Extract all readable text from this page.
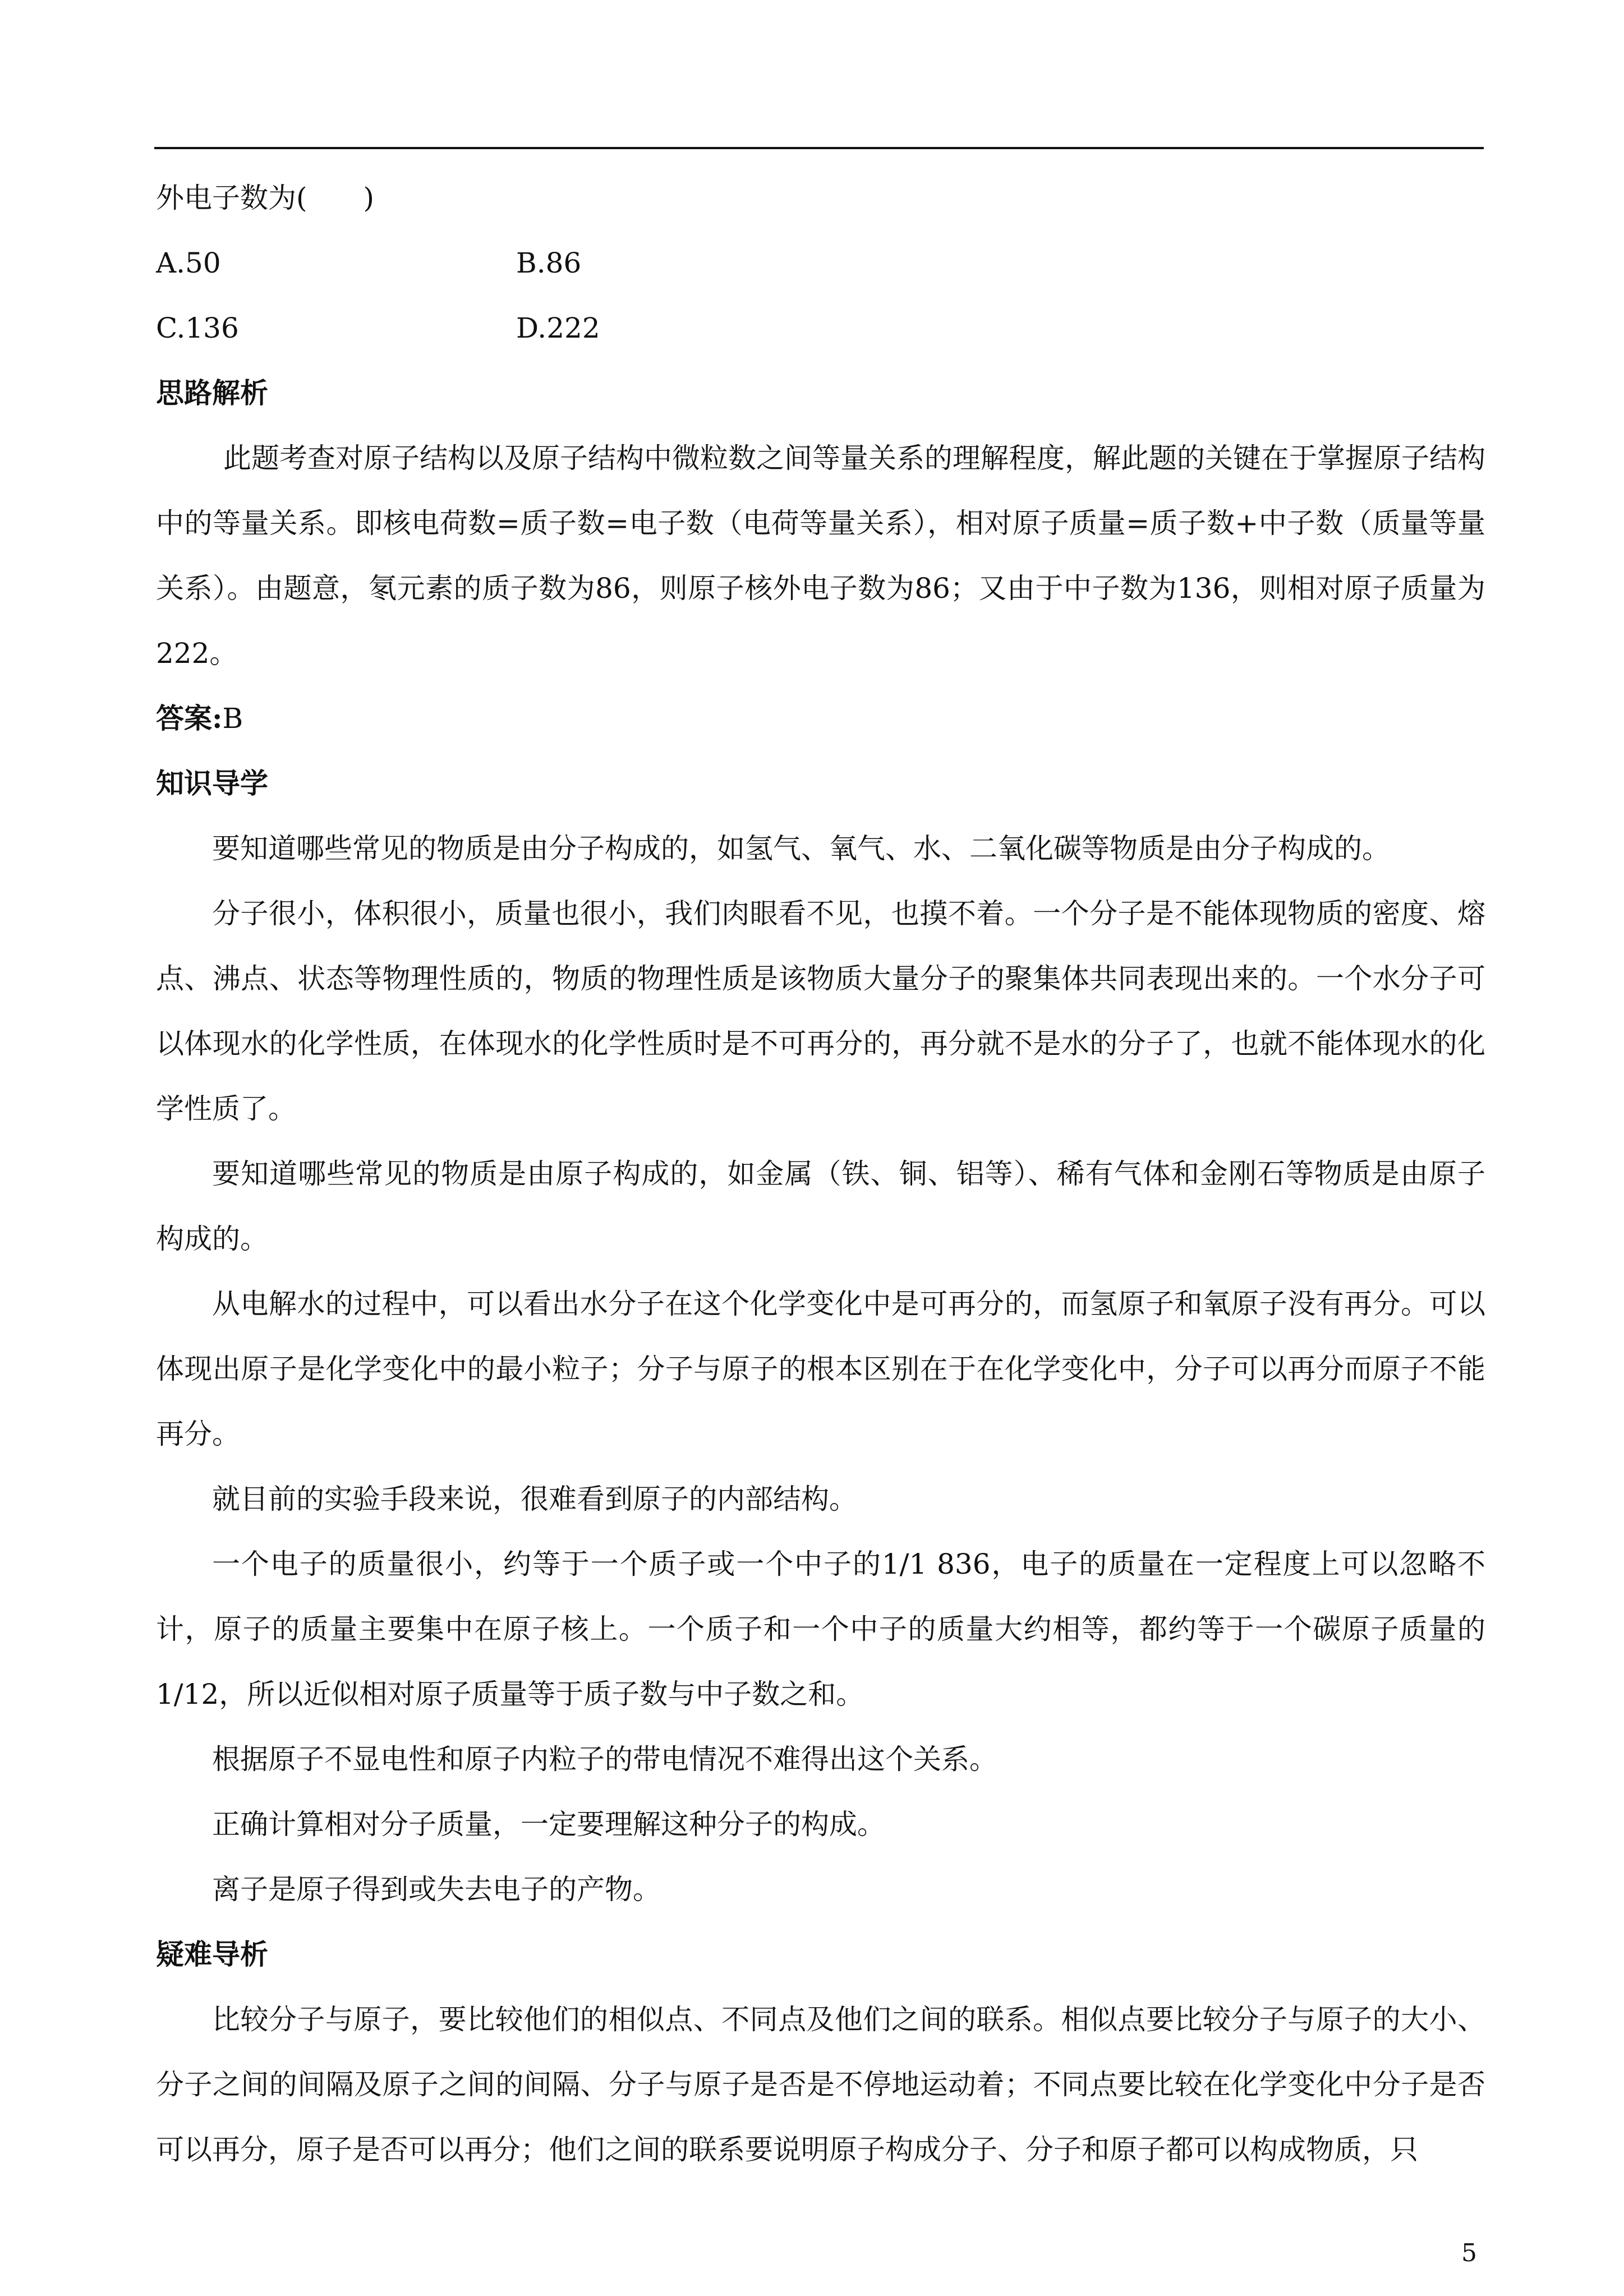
外电子数为(　　)
A.50	B.86
C.136	D.222
思路解析

此题考查对原子结构以及原子结构中微粒数之间等量关系的理解程度，解此题的关键在于掌握原子结构中的等量关系。即核电荷数=质子数=电子数（电荷等量关系），相对原子质量=质子数+中子数（质量等量关系）。由题意，氡元素的质子数为86，则原子核外电子数为86；又由于中子数为136，则相对原子质量为222。

答案:B
知识导学

要知道哪些常见的物质是由分子构成的，如氢气、氧气、水、二氧化碳等物质是由分子构成的。

分子很小，体积很小，质量也很小，我们肉眼看不见，也摸不着。一个分子是不能体现物质的密度、熔点、沸点、状态等物理性质的，物质的物理性质是该物质大量分子的聚集体共同表现出来的。一个水分子可以体现水的化学性质，在体现水的化学性质时是不可再分的，再分就不是水的分子了，也就不能体现水的化学性质了。

要知道哪些常见的物质是由原子构成的，如金属（铁、铜、铝等）、稀有气体和金刚石等物质是由原子构成的。

从电解水的过程中，可以看出水分子在这个化学变化中是可再分的，而氢原子和氧原子没有再分。可以体现出原子是化学变化中的最小粒子；分子与原子的根本区别在于在化学变化中，分子可以再分而原子不能再分。

就目前的实验手段来说，很难看到原子的内部结构。

一个电子的质量很小，约等于一个质子或一个中子的1/1 836，电子的质量在一定程度上可以忽略不计，原子的质量主要集中在原子核上。一个质子和一个中子的质量大约相等，都约等于一个碳原子质量的1/12，所以近似相对原子质量等于质子数与中子数之和。

根据原子不显电性和原子内粒子的带电情况不难得出这个关系。

正确计算相对分子质量，一定要理解这种分子的构成。

离子是原子得到或失去电子的产物。

疑难导析

比较分子与原子，要比较他们的相似点、不同点及他们之间的联系。相似点要比较分子与原子的大小、分子之间的间隔及原子之间的间隔、分子与原子是否是不停地运动着；不同点要比较在化学变化中分子是否可以再分，原子是否可以再分；他们之间的联系要说明原子构成分子、分子和原子都可以构成物质，只

5
